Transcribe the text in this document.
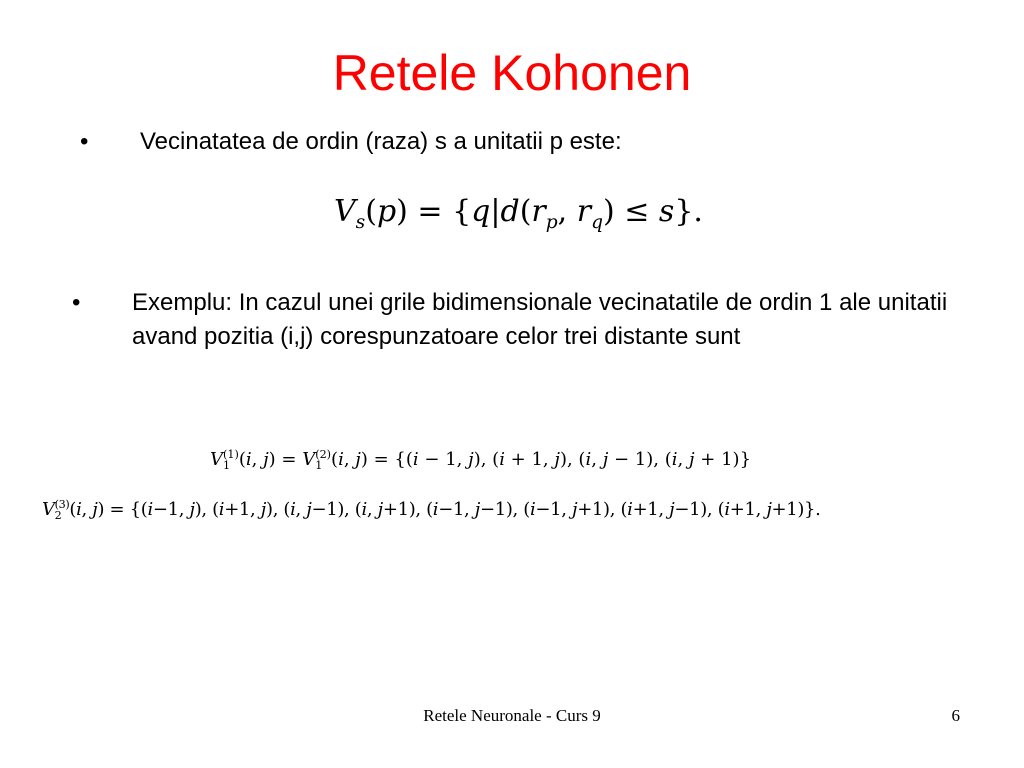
Retele Kohonen
• Vecinatatea de ordin (raza) s a unitatii p este:
$V_s(p) = \{q|d(r_p$, $r_q) \le s$}.
• Exemplu: In cazul unei grile bidimensionale vecinatatile de ordin 1 ale unitatii avand pozitia (i,j) corespunzatoare celor trei distante sunt
V (1)
1 (i, j) = V (2)
1 (i, j) = {(i − 1, j), (i + 1, j), (i, j − 1), (i, j + 1)}
V (3)
2 (i, j) = {(i−1, j), (i+1, j), (i, j−1), (i, j+1), (i−1, j−1), (i−1, j+1), (i+1, j−1), (i+1, j+1)}.
Retele Neuronale - Curs 9	6
